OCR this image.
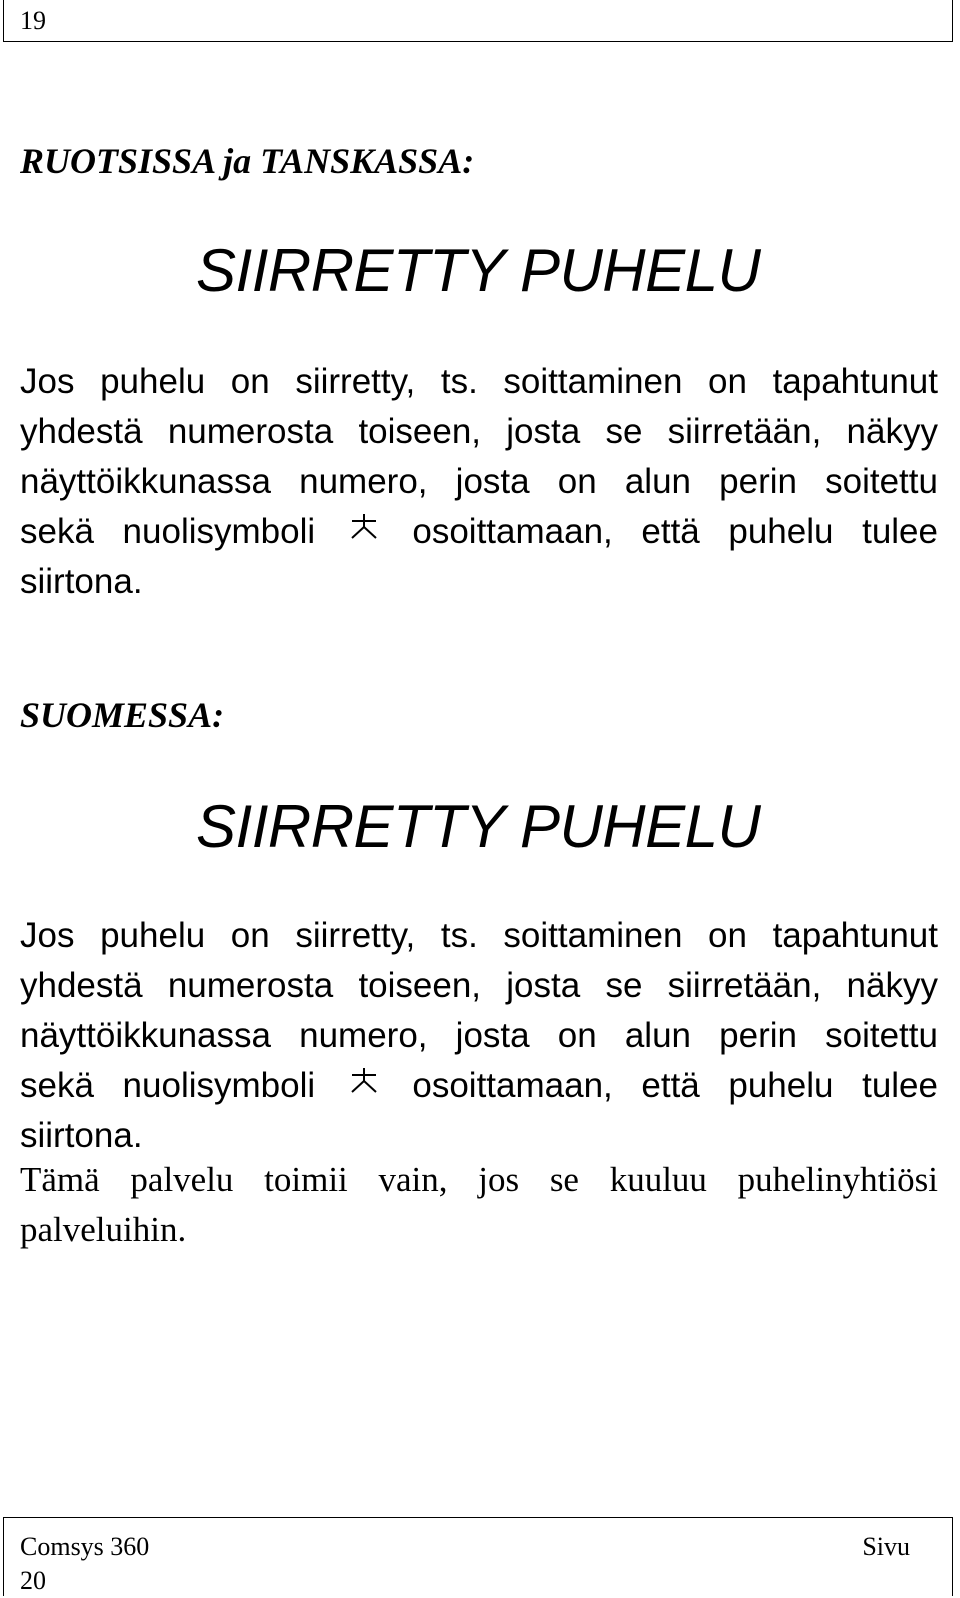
19
RUOTSISSA ja TANSKASSA:
SIIRRETTY PUHELU
Jos puhelu on siirretty, ts. soittaminen on tapahtunut
yhdestä numerosta toiseen, josta se siirretään, näkyy
näyttöikkunassa numero, josta on alun perin soitettu
sekä nuolisymboli	osoittamaan, että puhelu tulee
siirtona.
SUOMESSA:
SIIRRETTY PUHELU
Jos puhelu on siirretty, ts. soittaminen on tapahtunut
yhdestä numerosta toiseen, josta se siirretään, näkyy
näyttöikkunassa numero, josta on alun perin soitettu
sekä nuolisymboli	osoittamaan, että puhelu tulee
siirtona.
Tämä palvelu toimii vain, jos se kuuluu puhelinyhtiösi
palveluihin.
Comsys 360
20
Sivu
